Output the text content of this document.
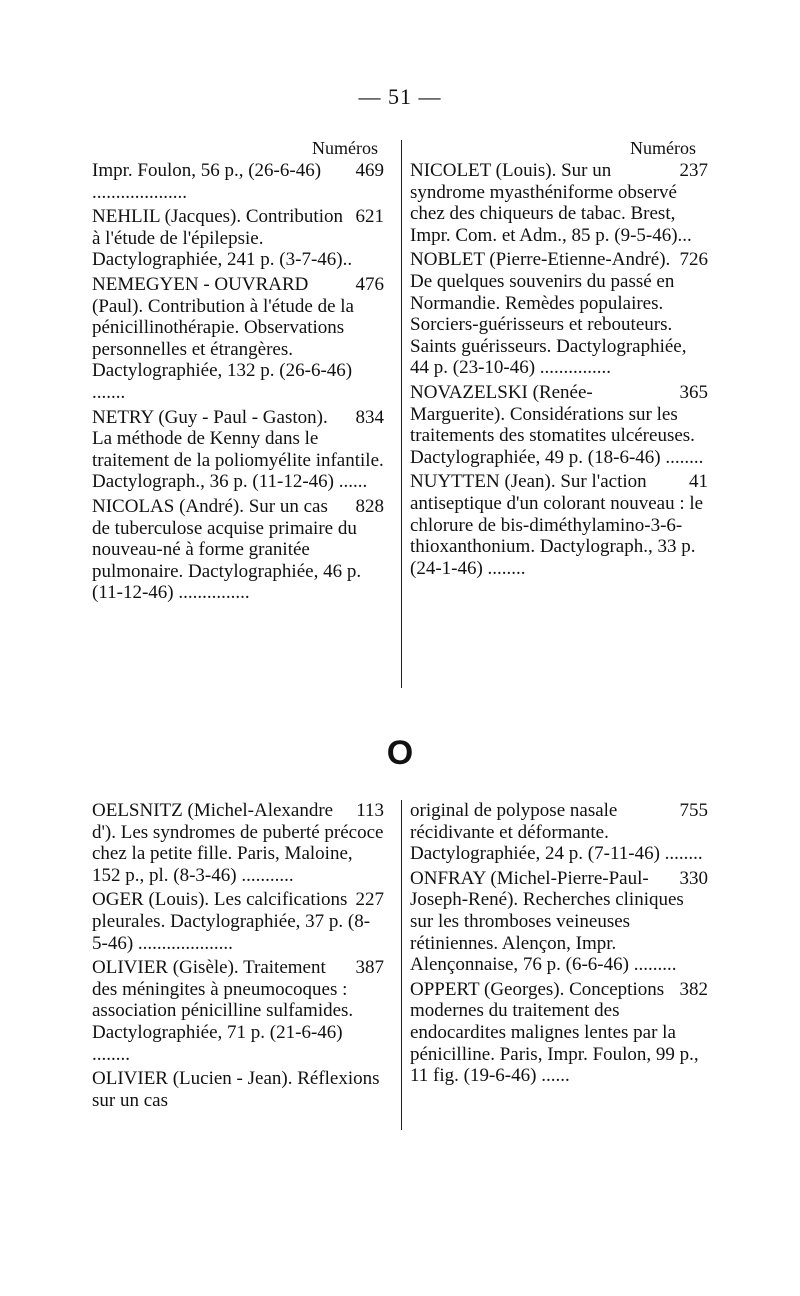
— 51 —
Numéros	Numéros
469
Impr. Foulon, 56 p., (26-6-46) ....................
621
NEHLIL (Jacques). Contribution à l'étude de l'épilepsie. Dactylographiée, 241 p. (3-7-46)..
476
NEMEGYEN - OUVRARD (Paul). Contribution à l'étude de la pénicillinothérapie. Observations personnelles et étrangères. Dactylographiée, 132 p. (26-6-46) .......
834
NETRY (Guy - Paul - Gaston). La méthode de Kenny dans le traitement de la poliomyélite infantile. Dactylograph., 36 p. (11-12-46) ......
828
NICOLAS (André). Sur un cas de tuberculose acquise primaire du nouveau-né à forme granitée pulmonaire. Dactylographiée, 46 p. (11-12-46) ...............
237
NICOLET (Louis). Sur un syndrome myasthéniforme observé chez des chiqueurs de tabac. Brest, Impr. Com. et Adm., 85 p. (9-5-46)...
726
NOBLET (Pierre-Etienne-André). De quelques souvenirs du passé en Normandie. Remèdes populaires. Sorciers-guérisseurs et rebouteurs. Saints guérisseurs. Dactylographiée, 44 p. (23-10-46) ...............
365
NOVAZELSKI (Renée-Marguerite). Considérations sur les traitements des stomatites ulcéreuses. Dactylographiée, 49 p. (18-6-46) ........
41
NUYTTEN (Jean). Sur l'action antiseptique d'un colorant nouveau : le chlorure de bis-diméthylamino-3-6-thioxanthonium. Dactylograph., 33 p. (24-1-46) ........
O
113
OELSNITZ (Michel-Alexandre d'). Les syndromes de puberté précoce chez la petite fille. Paris, Maloine, 152 p., pl. (8-3-46) ...........
227
OGER (Louis). Les calcifications pleurales. Dactylographiée, 37 p. (8-5-46) ....................
387
OLIVIER (Gisèle). Traitement des méningites à pneumocoques : association pénicilline sulfamides. Dactylographiée, 71 p. (21-6-46) ........
OLIVIER (Lucien - Jean). Réflexions sur un cas
755
original de polypose nasale récidivante et déformante. Dactylographiée, 24 p. (7-11-46) ........
330
ONFRAY (Michel-Pierre-Paul-Joseph-René). Recherches cliniques sur les thromboses veineuses rétiniennes. Alençon, Impr. Alençonnaise, 76 p. (6-6-46) .........
382
OPPERT (Georges). Conceptions modernes du traitement des endocardites malignes lentes par la pénicilline. Paris, Impr. Foulon, 99 p., 11 fig. (19-6-46) ......
